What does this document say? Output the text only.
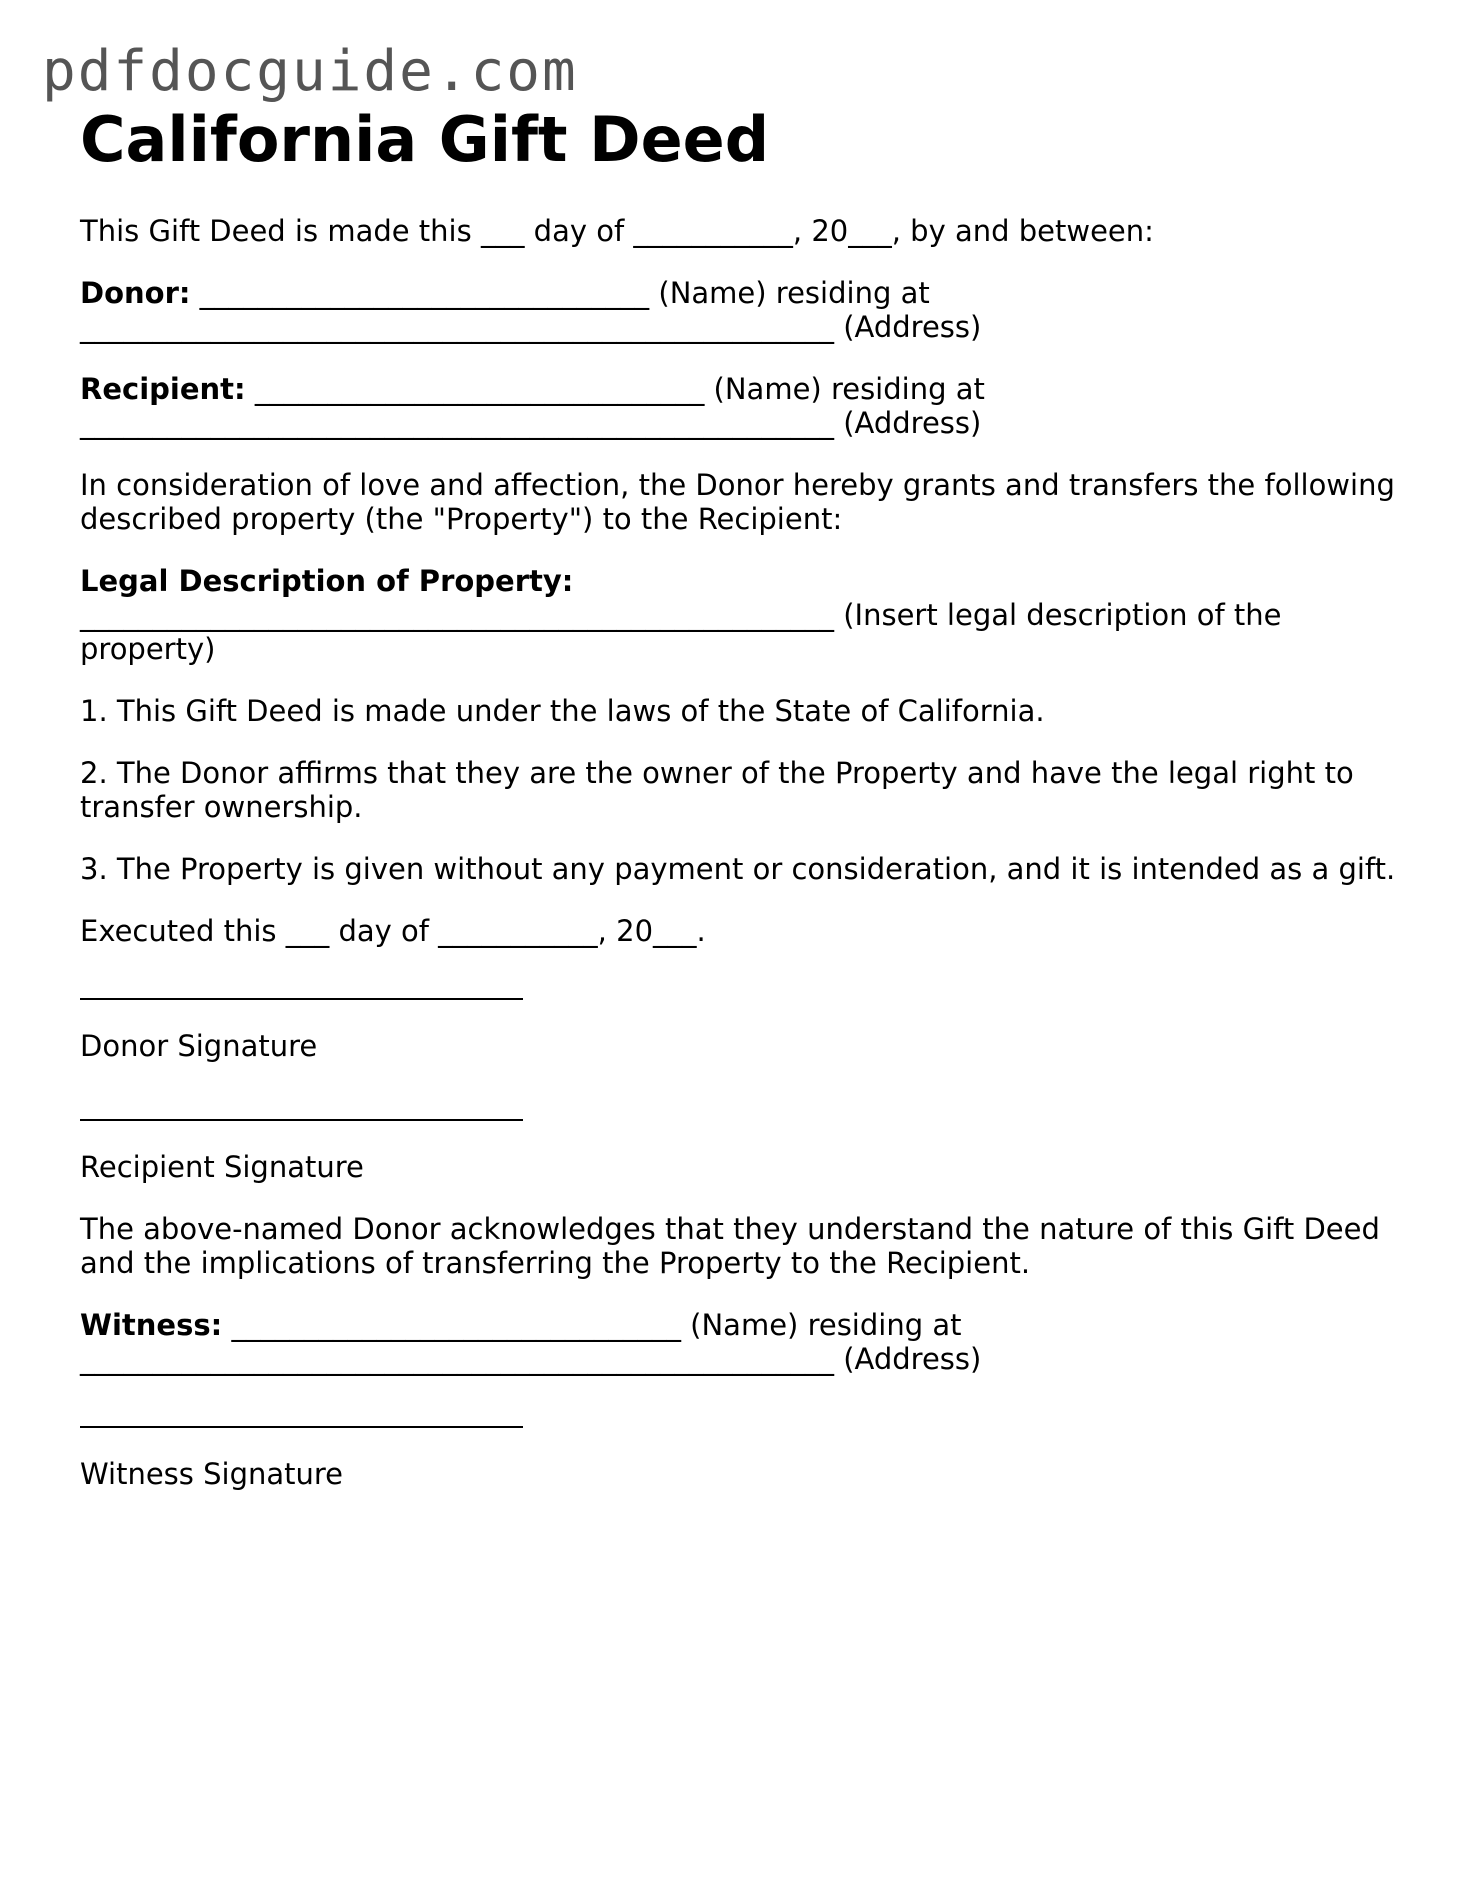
pdfdocguide.com
California Gift Deed

This Gift Deed is made this ___ day of ___________, 20___, by and between:

Donor: _______________________________ (Name) residing at

____________________________________________________ (Address)

Recipient: _______________________________ (Name) residing at

____________________________________________________ (Address)

In consideration of love and affection, the Donor hereby grants and transfers the following described property (the "Property") to the Recipient:

Legal Description of Property:

____________________________________________________ (Insert legal description of the property)

1. This Gift Deed is made under the laws of the State of California.

2. The Donor affirms that they are the owner of the Property and have the legal right to transfer ownership.

3. The Property is given without any payment or consideration, and it is intended as a gift.

Executed this ___ day of ___________, 20___.

Donor Signature

Recipient Signature

The above-named Donor acknowledges that they understand the nature of this Gift Deed and the implications of transferring the Property to the Recipient.

Witness: _______________________________ (Name) residing at

____________________________________________________ (Address)

Witness Signature
